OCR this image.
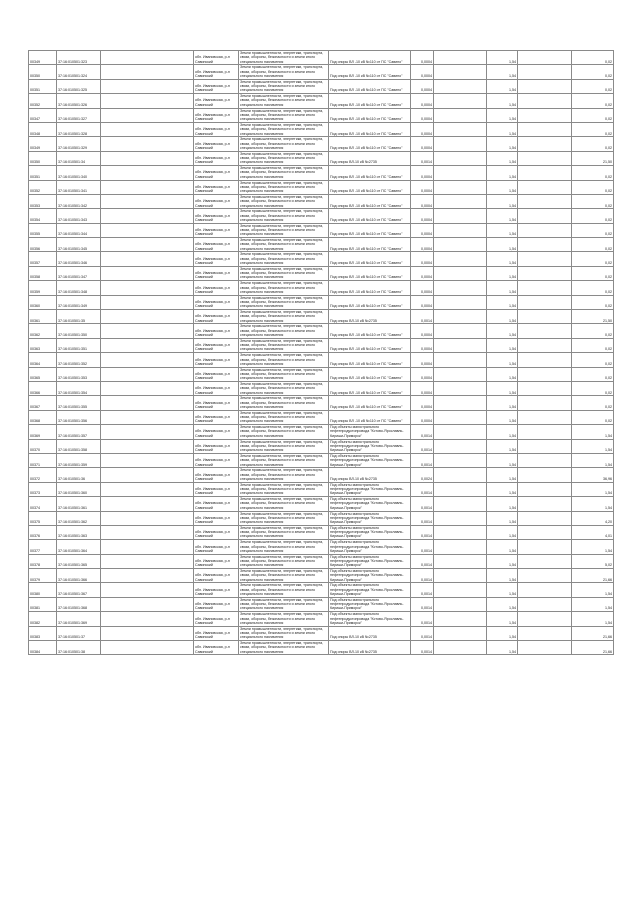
00349	37:16:010501:323		обл. Ивановская, р-н Савинский	Земли промышленности, энергетики, транспорта, связи, обороны, безопасности и земли иного специального назначения	Под опоры ВЛ -10 кВ №110 от ПС "Савино"	0,0004		1,54		0,02
00350	37:16:010501:324		обл. Ивановская, р-н Савинский	Земли промышленности, энергетики, транспорта, связи, обороны, безопасности и земли иного специального назначения	Под опоры ВЛ -10 кВ №110 от ПС "Савино"	0,0004		1,54		0,02
00351	37:16:010501:325		обл. Ивановская, р-н Савинский	Земли промышленности, энергетики, транспорта, связи, обороны, безопасности и земли иного специального назначения	Под опоры ВЛ -10 кВ №110 от ПС "Савино"	0,0004		1,54		0,02
00352	37:16:010501:326		обл. Ивановская, р-н Савинский	Земли промышленности, энергетики, транспорта, связи, обороны, безопасности и земли иного специального назначения	Под опоры ВЛ -10 кВ №110 от ПС "Савино"	0,0004		1,54		0,02
00347	37:16:010501:327		обл. Ивановская, р-н Савинский	Земли промышленности, энергетики, транспорта, связи, обороны, безопасности и земли иного специального назначения	Под опоры ВЛ -10 кВ №110 от ПС "Савино"	0,0004		1,54		0,02
00348	37:16:010501:328		обл. Ивановская, р-н Савинский	Земли промышленности, энергетики, транспорта, связи, обороны, безопасности и земли иного специального назначения	Под опоры ВЛ -10 кВ №110 от ПС "Савино"	0,0004		1,54		0,02
00349	37:16:010501:329		обл. Ивановская, р-н Савинский	Земли промышленности, энергетики, транспорта, связи, обороны, безопасности и земли иного специального назначения	Под опоры ВЛ -10 кВ №110 от ПС "Савино"	0,0004		1,54		0,02
00350	37:16:010501:34		обл. Ивановская, р-н Савинский	Земли промышленности, энергетики, транспорта, связи, обороны, безопасности и земли иного специального назначения	Под опоры ВЛ-10 кВ №2735	0,0014		1,54		21,50
00351	37:16:010501:340		обл. Ивановская, р-н Савинский	Земли промышленности, энергетики, транспорта, связи, обороны, безопасности и земли иного специального назначения	Под опоры ВЛ -10 кВ №110 от ПС "Савино"	0,0004		1,54		0,02
00352	37:16:010501:341		обл. Ивановская, р-н Савинский	Земли промышленности, энергетики, транспорта, связи, обороны, безопасности и земли иного специального назначения	Под опоры ВЛ -10 кВ №110 от ПС "Савино"	0,0004		1,54		0,02
00353	37:16:010501:342		обл. Ивановская, р-н Савинский	Земли промышленности, энергетики, транспорта, связи, обороны, безопасности и земли иного специального назначения	Под опоры ВЛ -10 кВ №110 от ПС "Савино"	0,0004		1,54		0,02
00354	37:16:010501:343		обл. Ивановская, р-н Савинский	Земли промышленности, энергетики, транспорта, связи, обороны, безопасности и земли иного специального назначения	Под опоры ВЛ -10 кВ №110 от ПС "Савино"	0,0004		1,54		0,02
00355	37:16:010501:344		обл. Ивановская, р-н Савинский	Земли промышленности, энергетики, транспорта, связи, обороны, безопасности и земли иного специального назначения	Под опоры ВЛ -10 кВ №110 от ПС "Савино"	0,0004		1,54		0,02
00356	37:16:010501:345		обл. Ивановская, р-н Савинский	Земли промышленности, энергетики, транспорта, связи, обороны, безопасности и земли иного специального назначения	Под опоры ВЛ -10 кВ №110 от ПС "Савино"	0,0004		1,54		0,02
00357	37:16:010501:346		обл. Ивановская, р-н Савинский	Земли промышленности, энергетики, транспорта, связи, обороны, безопасности и земли иного специального назначения	Под опоры ВЛ -10 кВ №110 от ПС "Савино"	0,0004		1,54		0,02
00358	37:16:010501:347		обл. Ивановская, р-н Савинский	Земли промышленности, энергетики, транспорта, связи, обороны, безопасности и земли иного специального назначения	Под опоры ВЛ -10 кВ №110 от ПС "Савино"	0,0004		1,54		0,02
00359	37:16:010501:348		обл. Ивановская, р-н Савинский	Земли промышленности, энергетики, транспорта, связи, обороны, безопасности и земли иного специального назначения	Под опоры ВЛ -10 кВ №110 от ПС "Савино"	0,0004		1,54		0,02
00360	37:16:010501:349		обл. Ивановская, р-н Савинский	Земли промышленности, энергетики, транспорта, связи, обороны, безопасности и земли иного специального назначения	Под опоры ВЛ -10 кВ №110 от ПС "Савино"	0,0004		1,54		0,02
00361	37:16:010501:35		обл. Ивановская, р-н Савинский	Земли промышленности, энергетики, транспорта, связи, обороны, безопасности и земли иного специального назначения	Под опоры ВЛ-10 кВ №2735	0,0014		1,54		21,50
00362	37:16:010501:350		обл. Ивановская, р-н Савинский	Земли промышленности, энергетики, транспорта, связи, обороны, безопасности и земли иного специального назначения	Под опоры ВЛ -10 кВ №110 от ПС "Савино"	0,0004		1,54		0,02
00363	37:16:010501:351		обл. Ивановская, р-н Савинский	Земли промышленности, энергетики, транспорта, связи, обороны, безопасности и земли иного специального назначения	Под опоры ВЛ -10 кВ №110 от ПС "Савино"	0,0004		1,54		0,02
00364	37:16:010501:352		обл. Ивановская, р-н Савинский	Земли промышленности, энергетики, транспорта, связи, обороны, безопасности и земли иного специального назначения	Под опоры ВЛ -10 кВ №110 от ПС "Савино"	0,0004		1,54		0,02
00365	37:16:010501:353		обл. Ивановская, р-н Савинский	Земли промышленности, энергетики, транспорта, связи, обороны, безопасности и земли иного специального назначения	Под опоры ВЛ -10 кВ №110 от ПС "Савино"	0,0004		1,54		0,02
00366	37:16:010501:354		обл. Ивановская, р-н Савинский	Земли промышленности, энергетики, транспорта, связи, обороны, безопасности и земли иного специального назначения	Под опоры ВЛ -10 кВ №110 от ПС "Савино"	0,0004		1,54		0,02
00367	37:16:010501:355		обл. Ивановская, р-н Савинский	Земли промышленности, энергетики, транспорта, связи, обороны, безопасности и земли иного специального назначения	Под опоры ВЛ -10 кВ №110 от ПС "Савино"	0,0004		1,54		0,02
00368	37:16:010501:356		обл. Ивановская, р-н Савинский	Земли промышленности, энергетики, транспорта, связи, обороны, безопасности и земли иного специального назначения	Под опоры ВЛ -10 кВ №110 от ПС "Савино"	0,0004		1,54		0,02
00369	37:16:010501:357		обл. Ивановская, р-н Савинский	Земли промышленности, энергетики, транспорта, связи, обороны, безопасности и земли иного специального назначения	Под объекты магистрального нефтепродуктопровода "Кстово-Ярославль-Кириши-Приморск"	0,0014		1,54		1,54
00370	37:16:010501:358		обл. Ивановская, р-н Савинский	Земли промышленности, энергетики, транспорта, связи, обороны, безопасности и земли иного специального назначения	Под объекты магистрального нефтепродуктопровода "Кстово-Ярославль-Кириши-Приморск"	0,0014		1,54		1,54
00371	37:16:010501:359		обл. Ивановская, р-н Савинский	Земли промышленности, энергетики, транспорта, связи, обороны, безопасности и земли иного специального назначения	Под объекты магистрального нефтепродуктопровода "Кстово-Ярославль-Кириши-Приморск"	0,0014		1,54		1,54
00372	37:16:010501:36		обл. Ивановская, р-н Савинский	Земли промышленности, энергетики, транспорта, связи, обороны, безопасности и земли иного специального назначения	Под опоры ВЛ-10 кВ №2735	0,0024		1,54		36,96
00373	37:16:010501:360		обл. Ивановская, р-н Савинский	Земли промышленности, энергетики, транспорта, связи, обороны, безопасности и земли иного специального назначения	Под объекты магистрального нефтепродуктопровода "Кстово-Ярославль-Кириши-Приморск"	0,0014		1,54		1,54
00374	37:16:010501:361		обл. Ивановская, р-н Савинский	Земли промышленности, энергетики, транспорта, связи, обороны, безопасности и земли иного специального назначения	Под объекты магистрального нефтепродуктопровода "Кстово-Ярославль-Кириши-Приморск"	0,0014		1,54		1,54
00375	37:16:010501:362		обл. Ивановская, р-н Савинский	Земли промышленности, энергетики, транспорта, связи, обороны, безопасности и земли иного специального назначения	Под объекты магистрального нефтепродуктопровода "Кстово-Ярославль-Кириши-Приморск"	0,0014		1,54		4,20
00376	37:16:010501:363		обл. Ивановская, р-н Савинский	Земли промышленности, энергетики, транспорта, связи, обороны, безопасности и земли иного специального назначения	Под объекты магистрального нефтепродуктопровода "Кстово-Ярославль-Кириши-Приморск"	0,0014		1,54		4,01
00377	37:16:010501:364		обл. Ивановская, р-н Савинский	Земли промышленности, энергетики, транспорта, связи, обороны, безопасности и земли иного специального назначения	Под объекты магистрального нефтепродуктопровода "Кстово-Ярославль-Кириши-Приморск"	0,0014		1,54		1,54
00378	37:16:010501:365		обл. Ивановская, р-н Савинский	Земли промышленности, энергетики, транспорта, связи, обороны, безопасности и земли иного специального назначения	Под объекты магистрального нефтепродуктопровода "Кстово-Ярославль-Кириши-Приморск"	0,0014		1,54		5,02
00379	37:16:010501:366		обл. Ивановская, р-н Савинский	Земли промышленности, энергетики, транспорта, связи, обороны, безопасности и земли иного специального назначения	Под объекты магистрального нефтепродуктопровода "Кстово-Ярославль-Кириши-Приморск"	0,0014		1,54		21,66
00380	37:16:010501:367		обл. Ивановская, р-н Савинский	Земли промышленности, энергетики, транспорта, связи, обороны, безопасности и земли иного специального назначения	Под объекты магистрального нефтепродуктопровода "Кстово-Ярославль-Кириши-Приморск"	0,0014		1,54		1,54
00381	37:16:010501:368		обл. Ивановская, р-н Савинский	Земли промышленности, энергетики, транспорта, связи, обороны, безопасности и земли иного специального назначения	Под объекты магистрального нефтепродуктопровода "Кстово-Ярославль-Кириши-Приморск"	0,0014		1,54		1,54
00382	37:16:010501:369		обл. Ивановская, р-н Савинский	Земли промышленности, энергетики, транспорта, связи, обороны, безопасности и земли иного специального назначения	Под объекты магистрального нефтепродуктопровода "Кстово-Ярославль-Кириши-Приморск"	0,0014		1,54		1,54
00383	37:16:010501:37		обл. Ивановская, р-н Савинский	Земли промышленности, энергетики, транспорта, связи, обороны, безопасности и земли иного специального назначения	Под опоры ВЛ-10 кВ №2735	0,0014		1,54		21,66
00384	37:16:010501:38		обл. Ивановская, р-н Савинский	Земли промышленности, энергетики, транспорта, связи, обороны, безопасности и земли иного специального назначения	Под опоры ВЛ-10 кВ №2735	0,0014		1,54		21,66
